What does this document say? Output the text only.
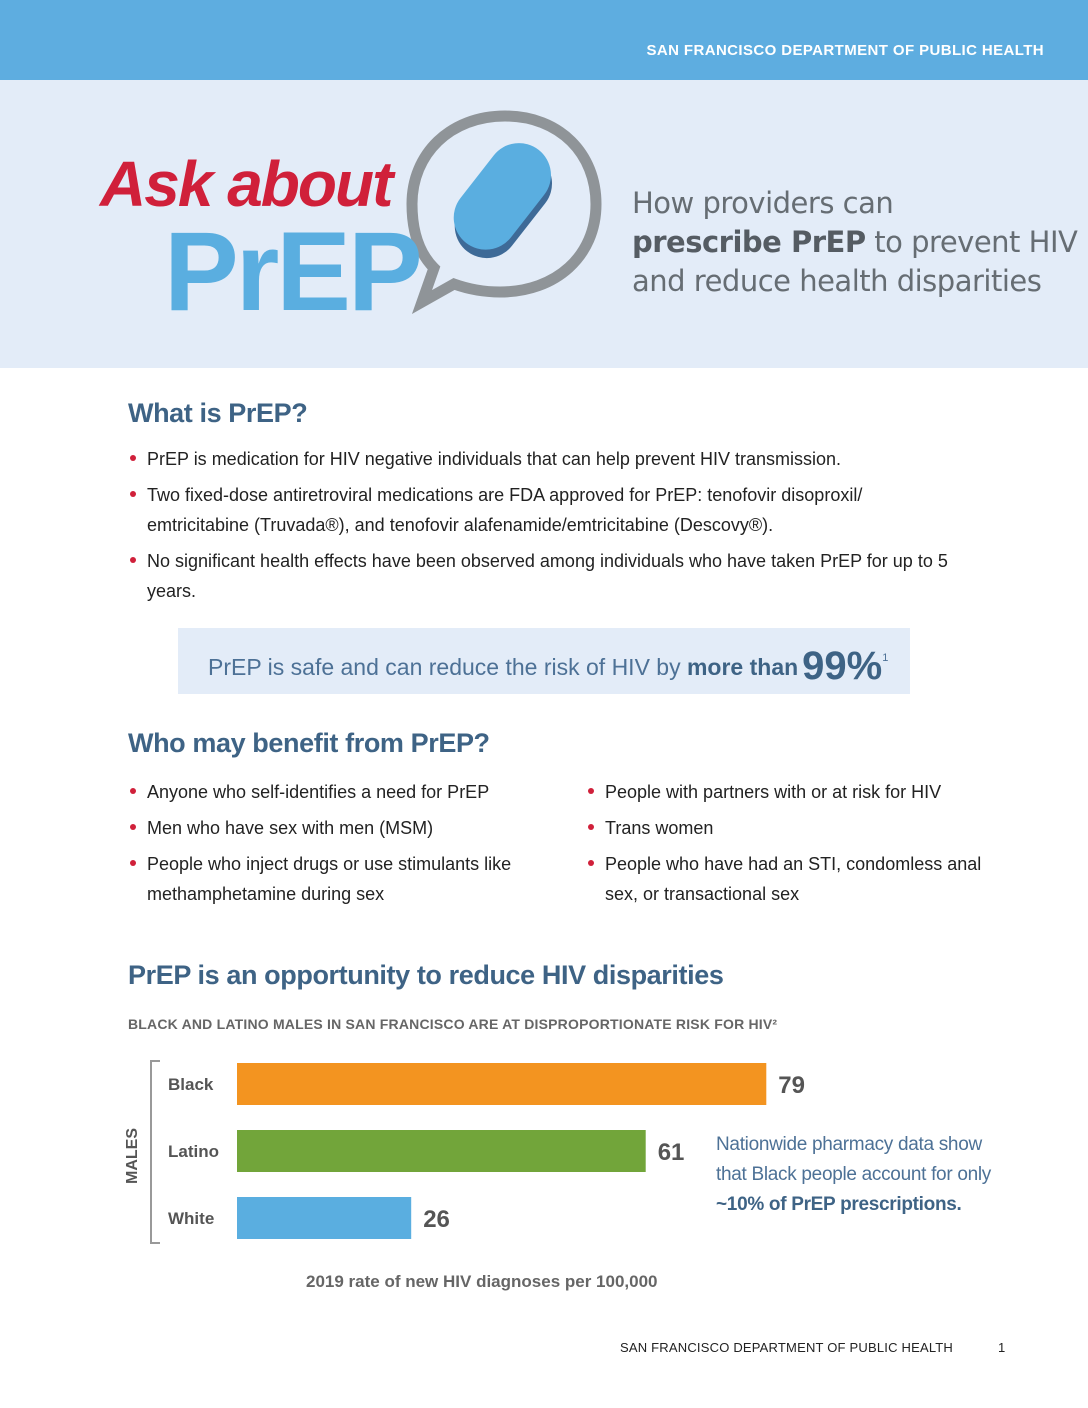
SAN FRANCISCO DEPARTMENT OF PUBLIC HEALTH
Ask about
PrEP
How providers can
prescribe PrEP to prevent HIV
and reduce health disparities
What is PrEP?
PrEP is medication for HIV negative individuals that can help prevent HIV transmission.
Two fixed-dose antiretroviral medications are FDA approved for PrEP: tenofovir disoproxil/ emtricitabine (Truvada®), and tenofovir alafenamide/emtricitabine (Descovy®).
No significant health effects have been observed among individuals who have taken PrEP for up to 5 years.
PrEP is safe and can reduce the risk of HIV by more than 99%$^1$
Who may benefit from PrEP?
Anyone who self-identifies a need for PrEP
Men who have sex with men (MSM)
People who inject drugs or use stimulants like methamphetamine during sex
People with partners with or at risk for HIV
Trans women
People who have had an STI, condomless anal sex, or transactional sex
PrEP is an opportunity to reduce HIV disparities
BLACK AND LATINO MALES IN SAN FRANCISCO ARE AT DISPROPORTIONATE RISK FOR HIV²
MALES
Black	79
Latino	61
White	26
Nationwide pharmacy data show that Black people account for only ~10% of PrEP prescriptions.
2019 rate of new HIV diagnoses per 100,000
SAN FRANCISCO DEPARTMENT OF PUBLIC HEALTH	1
